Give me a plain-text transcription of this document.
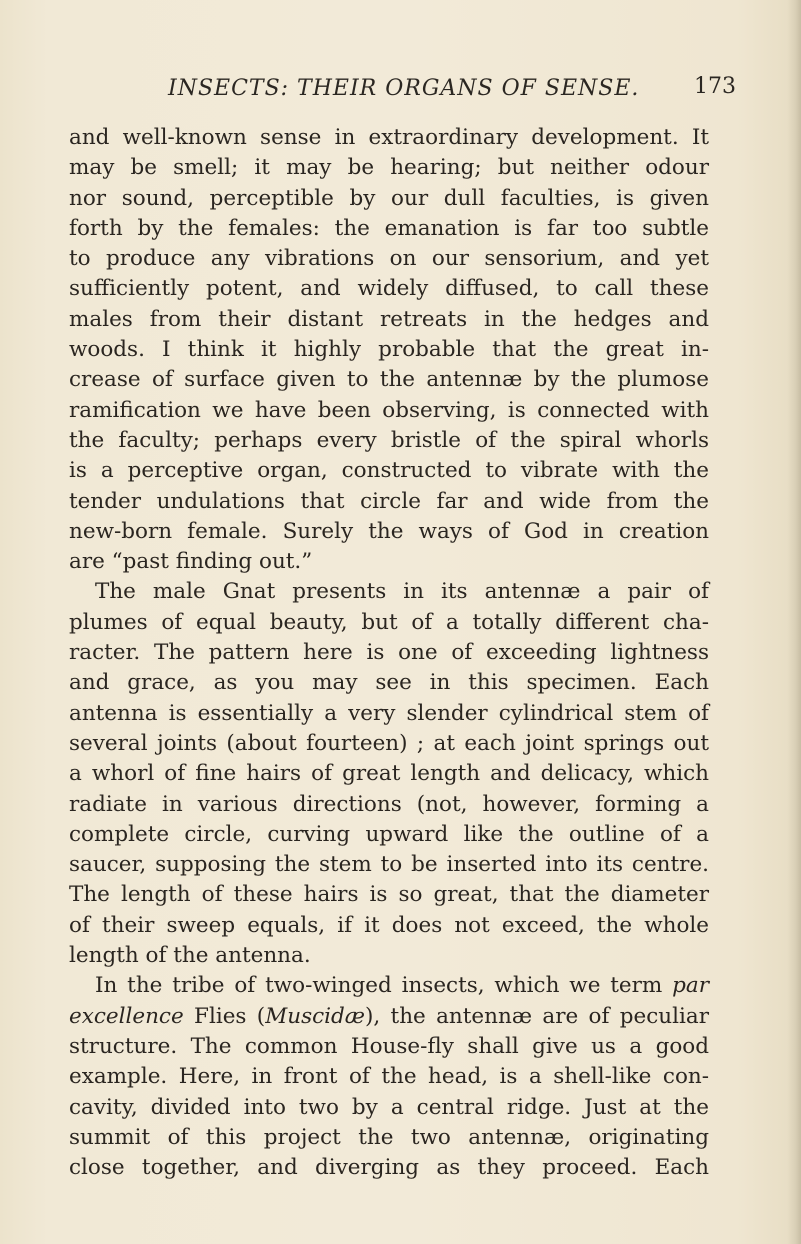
INSECTS: THEIR ORGANS OF SENSE.	173
and well-known sense in extraordinary development. It
may be smell; it may be hearing; but neither odour
nor sound, perceptible by our dull faculties, is given
forth by the females: the emanation is far too subtle
to produce any vibrations on our sensorium, and yet
sufficiently potent, and widely diffused, to call these
males from their distant retreats in the hedges and
woods. I think it highly probable that the great in-
crease of surface given to the antennæ by the plumose
ramification we have been observing, is connected with
the faculty; perhaps every bristle of the spiral whorls
is a perceptive organ, constructed to vibrate with the
tender undulations that circle far and wide from the
new-born female. Surely the ways of God in creation
are “past finding out.”
The male Gnat presents in its antennæ a pair of
plumes of equal beauty, but of a totally different cha-
racter. The pattern here is one of exceeding lightness
and grace, as you may see in this specimen. Each
antenna is essentially a very slender cylindrical stem of
several joints (about fourteen) ; at each joint springs out
a whorl of fine hairs of great length and delicacy, which
radiate in various directions (not, however, forming a
complete circle, curving upward like the outline of a
saucer, supposing the stem to be inserted into its centre.
The length of these hairs is so great, that the diameter
of their sweep equals, if it does not exceed, the whole
length of the antenna.
In the tribe of two-winged insects, which we term par
excellence Flies (Muscidæ), the antennæ are of peculiar
structure. The common House-fly shall give us a good
example. Here, in front of the head, is a shell-like con-
cavity, divided into two by a central ridge. Just at the
summit of this project the two antennæ, originating
close together, and diverging as they proceed. Each
